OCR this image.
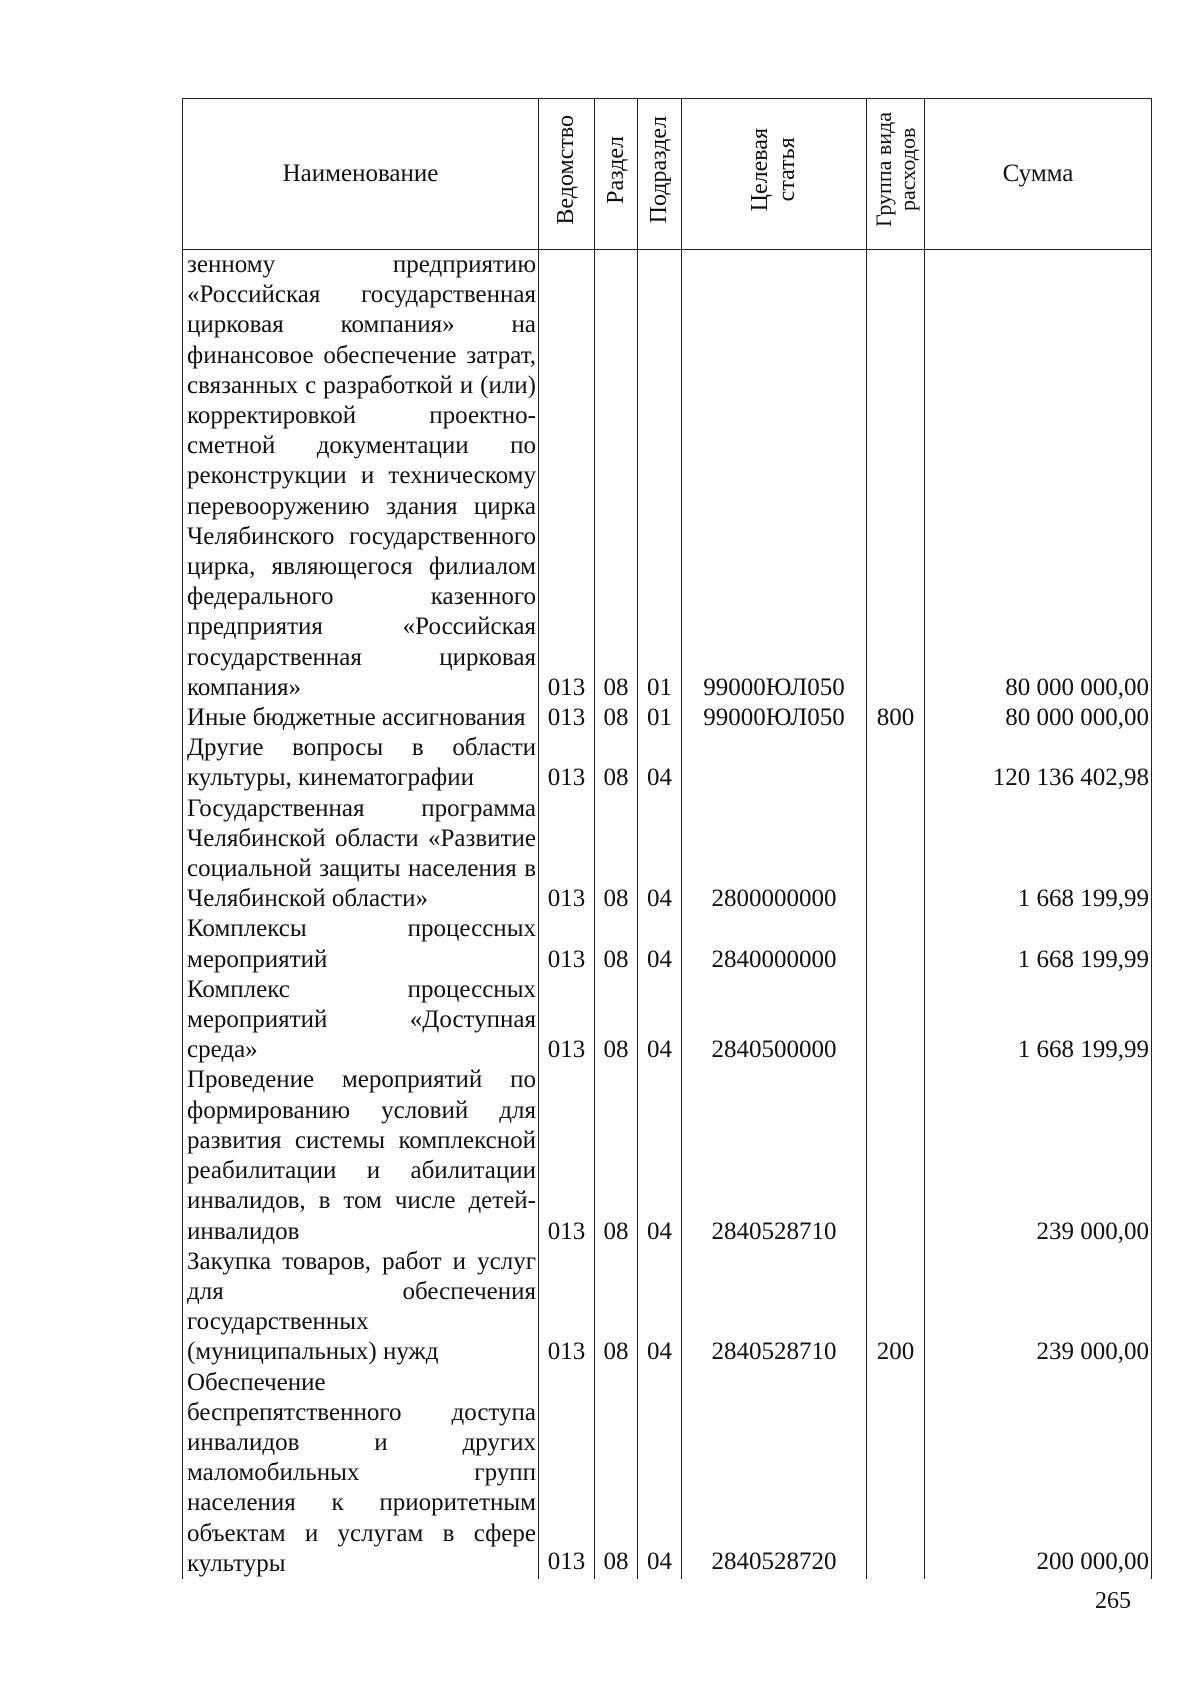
Наименование	Ведомство	Раздел	Подраздел	Целевая статья	Группа вида расходов	Сумма
зенному предприятию «Российская государственная цирковая компания» на финансовое обеспечение затрат, связанных с разработкой и (или) корректировкой проектно-сметной документации по реконструкции и техническому перевооружению здания цирка Челябинского государственного цирка, являющегося филиалом федерального казенного предприятия «Российская государственная цирковая компания»	013	08	01	99000ЮЛ050		80 000 000,00
Иные бюджетные ассигнования	013	08	01	99000ЮЛ050	800	80 000 000,00
Другие вопросы в области культуры, кинематографии	013	08	04			120 136 402,98
Государственная программа Челябинской области «Развитие социальной защиты населения в Челябинской области»	013	08	04	2800000000		1 668 199,99
Комплексы процессных мероприятий	013	08	04	2840000000		1 668 199,99
Комплекс процессных мероприятий «Доступная среда»	013	08	04	2840500000		1 668 199,99
Проведение мероприятий по формированию условий для развития системы комплексной реабилитации и абилитации инвалидов, в том числе детей-инвалидов	013	08	04	2840528710		239 000,00
Закупка товаров, работ и услуг для обеспечения государственных (муниципальных) нужд	013	08	04	2840528710	200	239 000,00
Обеспечение беспрепятственного доступа инвалидов и других маломобильных групп населения к приоритетным объектам и услугам в сфере культуры	013	08	04	2840528720		200 000,00
265
